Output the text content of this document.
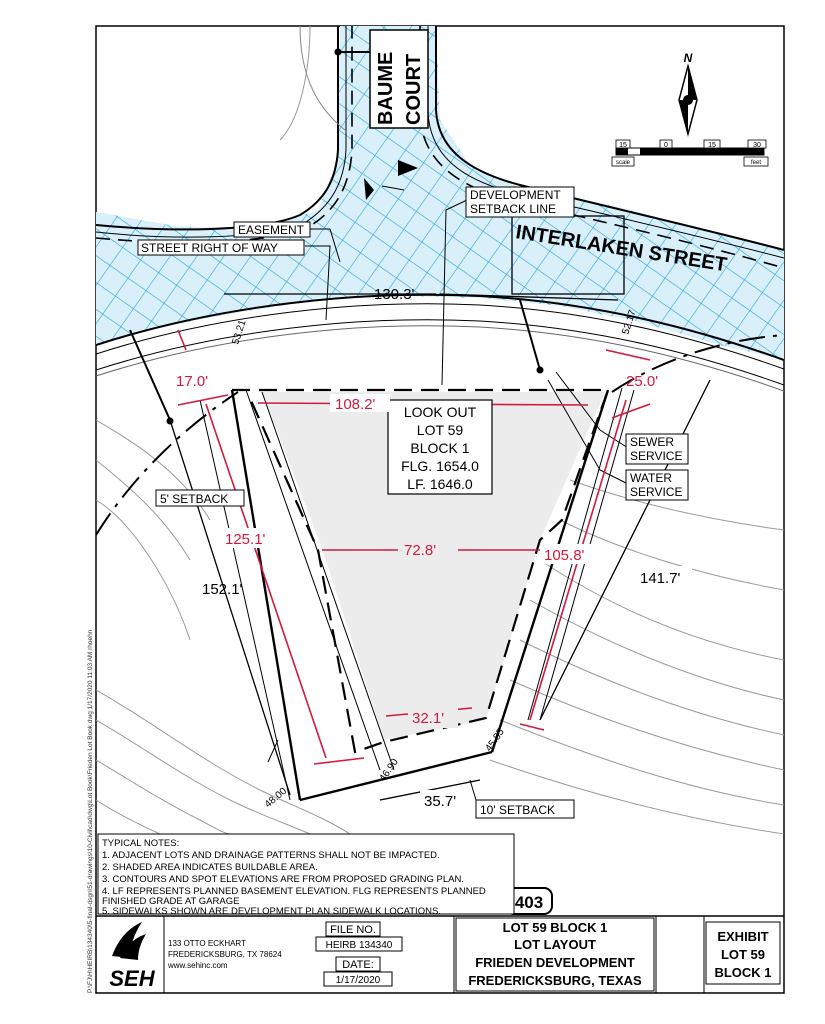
N
15	0	15	30
scale	feet
BAUME COURT
INTERLAKEN STREET
EASEMENT
STREET RIGHT OF WAY
DEVELOPMENT
SETBACK LINE
SEWER
SERVICE
WATER
SERVICE
5' SETBACK
10' SETBACK
LOOK OUT
LOT 59
BLOCK 1
FLG. 1654.0
LF. 1646.0
130.3'
108.2'
17.0'	25.0'
125.1'
152.1'
72.8'	105.8'
141.7'
32.1'
35.7'
53.21	52.17
48.00
46.90
45.85
403
TYPICAL NOTES:
1. ADJACENT LOTS AND DRAINAGE PATTERNS SHALL NOT BE IMPACTED.
2. SHADED AREA INDICATES BUILDABLE AREA.
3. CONTOURS AND SPOT ELEVATIONS ARE FROM PROPOSED GRADING PLAN.
4. LF REPRESENTS PLANNED BASEMENT ELEVATION. FLG REPRESENTS PLANNED
FINISHED GRADE AT GARAGE
5. SIDEWALKS SHOWN ARE DEVELOPMENT PLAN SIDEWALK LOCATIONS.
SEH
133 OTTO ECKHART
FREDERICKSBURG, TX 78624
www.sehinc.com
FILE NO.
HEIRB 134340
DATE:
1/17/2020
LOT 59 BLOCK 1
LOT LAYOUT
FRIEDEN DEVELOPMENT
FREDERICKSBURG, TEXAS
EXHIBIT
LOT 59
BLOCK 1
P:\FJ\H\HEIRB\134340\5-final-dsgn\51-drawings\10-Civil\cad\dwg\Lot Book\Frieden Lot Book.dwg 1/17/2020 11:03 AM rhoehn
